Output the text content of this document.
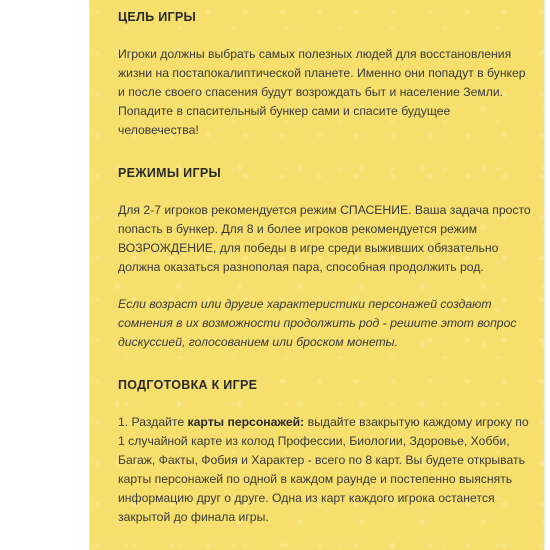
ЦЕЛЬ ИГРЫ

Игроки должны выбрать самых полезных людей для восстановления жизни на постапокалиптической планете. Именно они попадут в бункер и после своего спасения будут возрождать быт и население Земли. Попадите в спасительный бункер сами и спасите будущее человечества!

РЕЖИМЫ ИГРЫ

Для 2-7 игроков рекомендуется режим СПАСЕНИЕ. Ваша задача просто попасть в бункер. Для 8 и более игроков рекомендуется режим ВОЗРОЖДЕНИЕ, для победы в игре среди выживших обязательно должна оказаться разнополая пара, способная продолжить род.

Если возраст или другие характеристики персонажей создают сомнения в их возможности продолжить род - решите этот вопрос дискуссией, голосованием или броском монеты.

ПОДГОТОВКА К ИГРЕ

1. Раздайте карты персонажей: выдайте взакрытую каждому игроку по 1 случайной карте из колод Профессии, Биологии, Здоровье, Хобби, Багаж, Факты, Фобия и Характер - всего по 8 карт. Вы будете открывать карты персонажей по одной в каждом раунде и постепенно выяснять информацию друг о друге. Одна из карт каждого игрока останется закрытой до финала игры.
